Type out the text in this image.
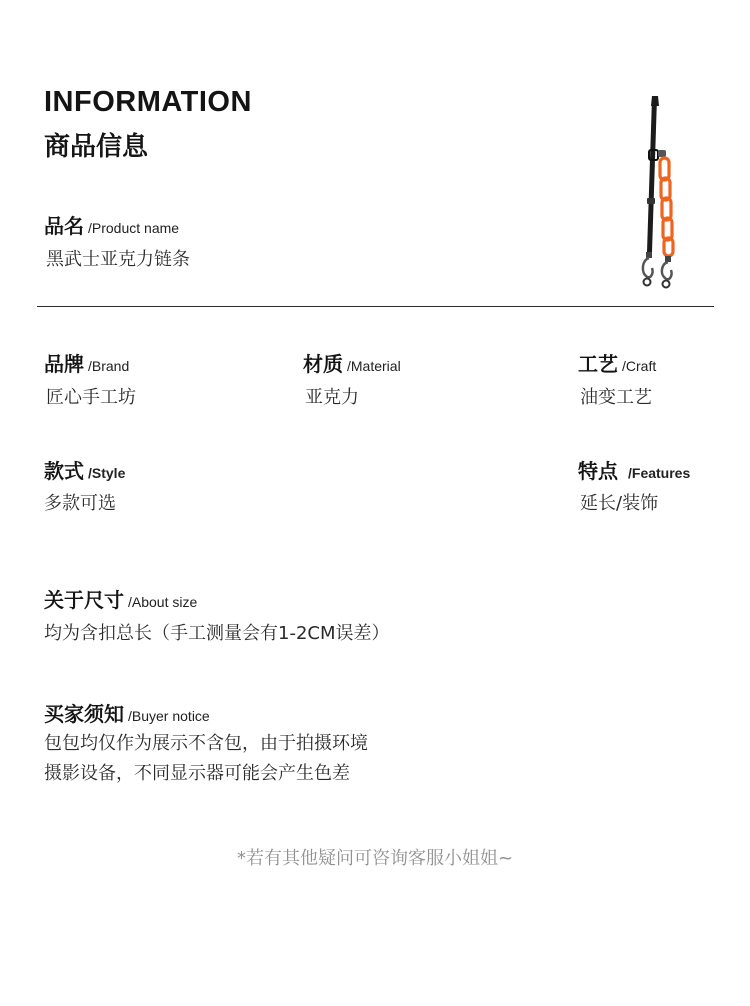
INFORMATION
商品信息
品名 /Product name
黑武士亚克力链条
品牌 /Brand
匠心手工坊
材质 /Material
亚克力
工艺 /Craft
油变工艺
款式 /Style
多款可选
特点 /Features
延长/装饰
关于尺寸 /About size
均为含扣总长（手工测量会有1-2CM误差）
买家须知 /Buyer notice
包包均仅作为展示不含包，由于拍摄环境
摄影设备，不同显示器可能会产生色差
*若有其他疑问可咨询客服小姐姐~
